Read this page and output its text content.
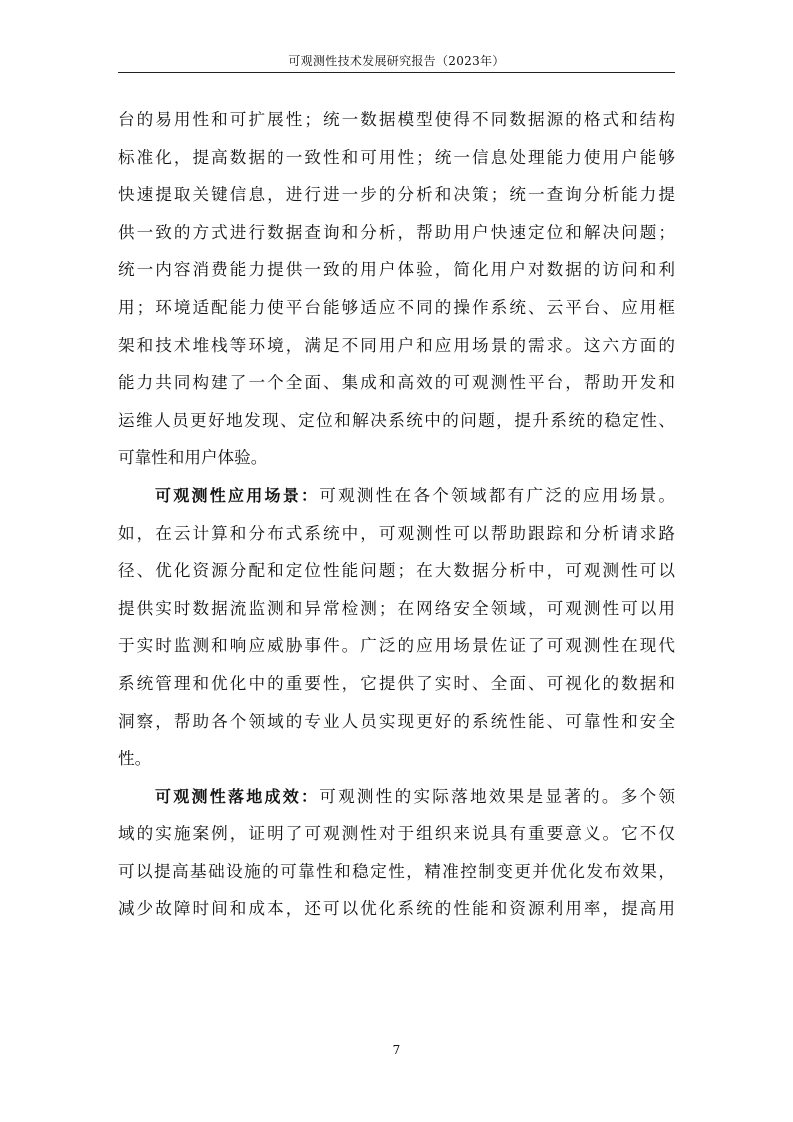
可观测性技术发展研究报告（2023年）
台的易用性和可扩展性；统一数据模型使得不同数据源的格式和结构
标准化，提高数据的一致性和可用性；统一信息处理能力使用户能够
快速提取关键信息，进行进一步的分析和决策；统一查询分析能力提
供一致的方式进行数据查询和分析，帮助用户快速定位和解决问题；
统一内容消费能力提供一致的用户体验，简化用户对数据的访问和利
用；环境适配能力使平台能够适应不同的操作系统、云平台、应用框
架和技术堆栈等环境，满足不同用户和应用场景的需求。这六方面的
能力共同构建了一个全面、集成和高效的可观测性平台，帮助开发和
运维人员更好地发现、定位和解决系统中的问题，提升系统的稳定性、
可靠性和用户体验。
可观测性应用场景：可观测性在各个领域都有广泛的应用场景。
如，在云计算和分布式系统中，可观测性可以帮助跟踪和分析请求路
径、优化资源分配和定位性能问题；在大数据分析中，可观测性可以
提供实时数据流监测和异常检测；在网络安全领域，可观测性可以用
于实时监测和响应威胁事件。广泛的应用场景佐证了可观测性在现代
系统管理和优化中的重要性，它提供了实时、全面、可视化的数据和
洞察，帮助各个领域的专业人员实现更好的系统性能、可靠性和安全
性。
可观测性落地成效：可观测性的实际落地效果是显著的。多个领
域的实施案例，证明了可观测性对于组织来说具有重要意义。它不仅
可以提高基础设施的可靠性和稳定性，精准控制变更并优化发布效果，
减少故障时间和成本，还可以优化系统的性能和资源利用率，提高用
7
